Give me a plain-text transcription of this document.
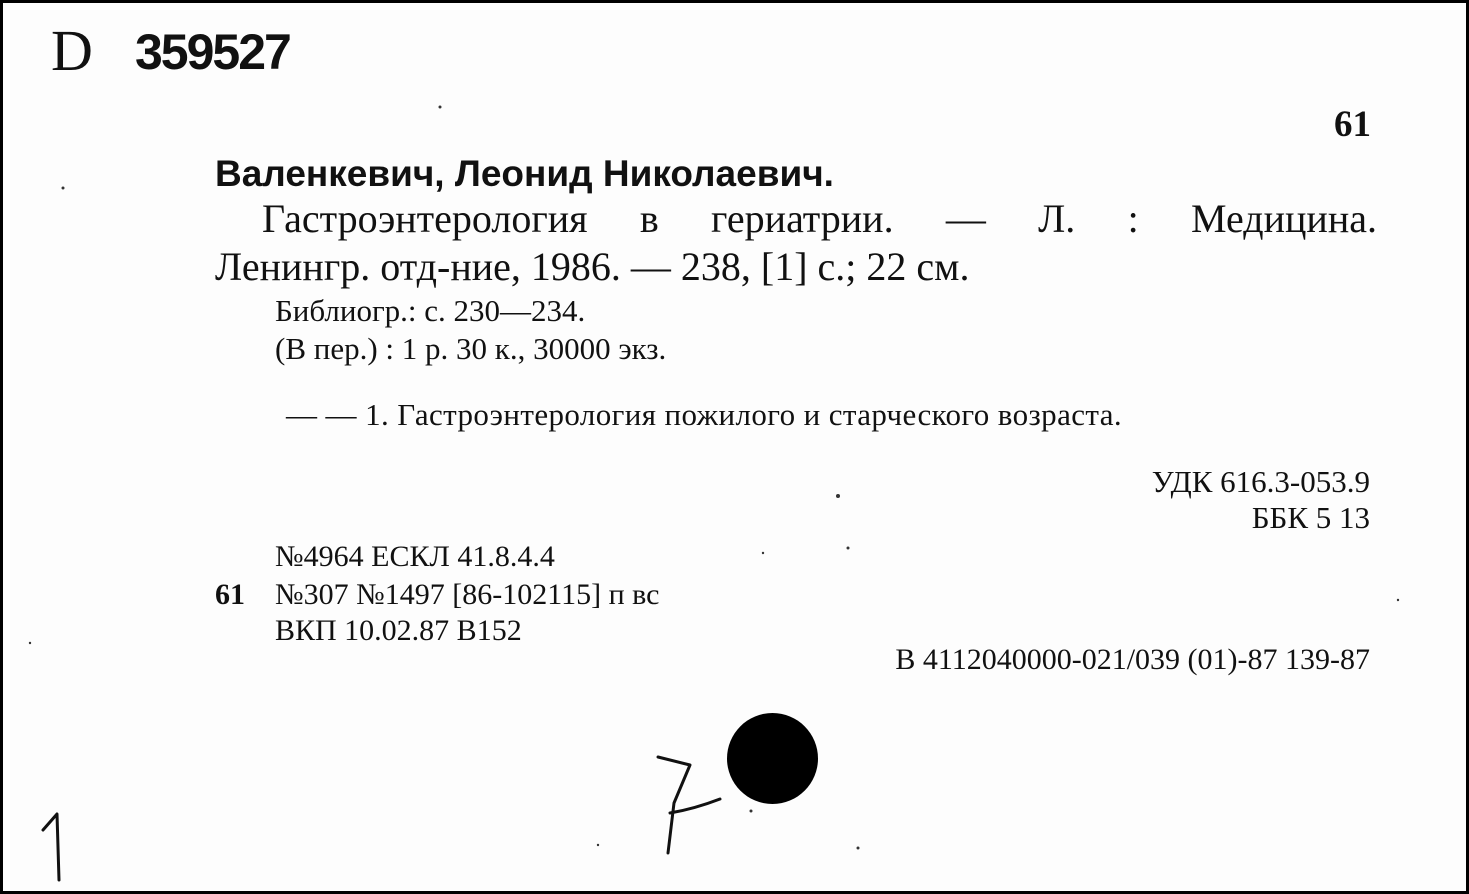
D 359527
61
Валенкевич, Леонид Николаевич.
Гастроэнтерология в гериатрии. — Л. : Медицина.
Ленингр. отд-ние, 1986. — 238, [1] с.; 22 см.
Библиогр.: с. 230—234.
(В пер.) : 1 р. 30 к., 30000 экз.
— — 1. Гастроэнтерология пожилого и старческого возраста.
УДК 616.3-053.9
ББК 5 13
№4964 ЕСКЛ 41.8.4.4
61 №307 №1497 [86-102115] п вс
ВКП 10.02.87 В152
В 4112040000-021/039 (01)-87 139-87
